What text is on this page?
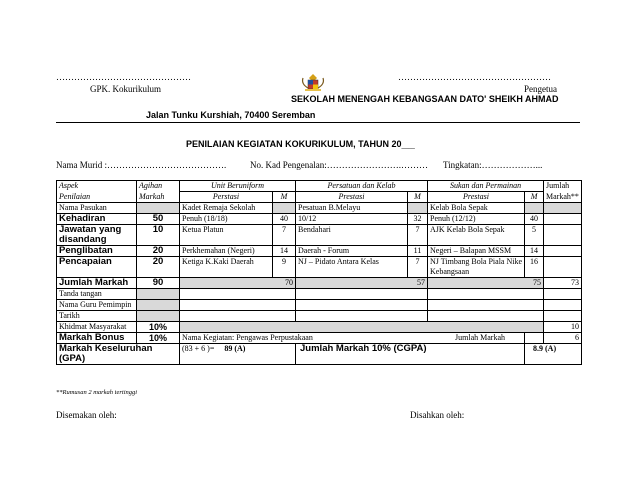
………………………………………
GPK. Kokurikulum
……………………………………………
Pengetua
SEKOLAH MENENGAH KEBANGSAAN DATO' SHEIKH AHMAD
Jalan Tunku Kurshiah, 70400 Seremban
PENILAIAN KEGIATAN KOKURIKULUM, TAHUN 20____
Nama Murid :………………………………….	No. Kad Pengenalan:…………………….……… Tingkatan:………………...
Aspek	Agihan	Unit Beruniform		Persatuan dan Kelab		Sukan dan Permainan		Jumlah
Penilaian	Markah	Perstasi	M	Prestasi	M	Prestasi	M	Markah**
Nama Pasukan		Kadet Remaja Sekolah		Pesatuan B.Melayu		Kelab Bola Sepak		
Kehadiran	50	Penuh (18/18)	40	10/12	32	Penuh (12/12)	40	
Jawatan yang disandang	10	Ketua Platun	7	Bendahari	7	AJK Kelab Bola Sepak	5	
Penglibatan	20	Perkhemahan (Negeri)	14	Daerah - Forum	11	Negeri – Balapan MSSM	14	
Pencapaian	20	Ketiga K.Kaki Daerah	9	NJ – Pidato Antara Kelas	7	NJ Timbang Bola Piala Nike Kebangsaan	16	
Jumlah Markah	90	70		57		75		73
Tanda tangan								
Nama Guru Pemimpin								
Tarikh								
Khidmat Masyarakat	10%							10
Markah Bonus	10%	Nama Kegiatan: Pengawas Perpustakaan					Jumlah Markah	6
Markah Keseluruhan (GPA)		(83 + 6 )= 89 (A)		Jumlah Markah 10% (CGPA)			8.9 (A)	
**Rumusan 2 markah tertinggi
Disemakan oleh:	Disahkan oleh:
